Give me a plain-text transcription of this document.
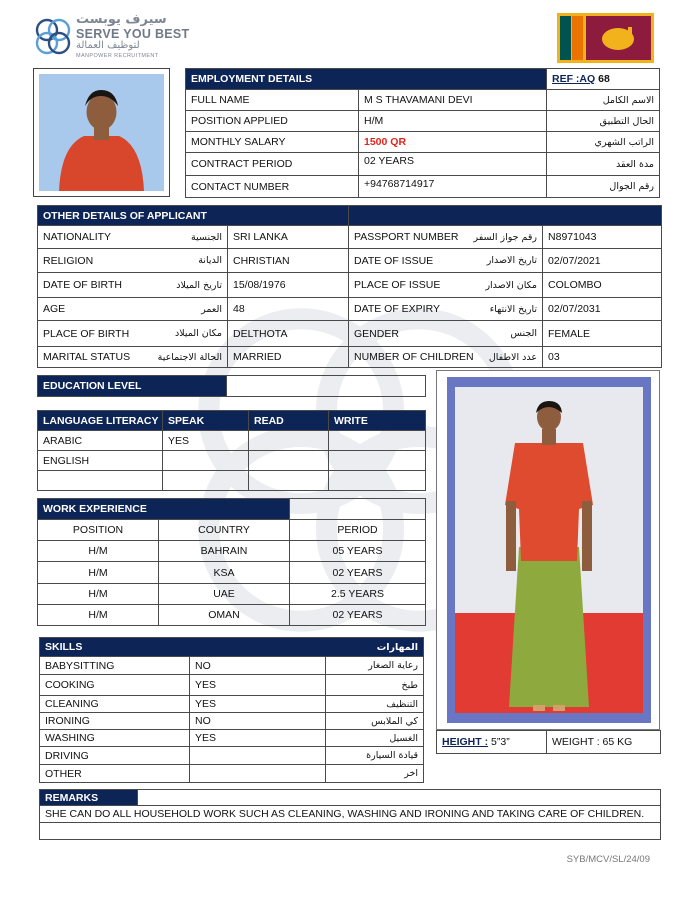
سيرف يوبست
SERVE YOU BEST
لتوظيف العمالة
MANPOWER RECRUITMENT
EMPLOYMENT DETAILS		REF :AQ 68
FULL NAME	M S THAVAMANI DEVI	الاسم الكامل
POSITION APPLIED	H/M	الحال التطبيق
MONTHLY SALARY	1500 QR	الراتب الشهري
CONTRACT PERIOD	02 YEARS	مدة العقد
CONTACT NUMBER	+94768714917	رقم الجوال
OTHER DETAILS OF APPLICANT			

NATIONALITY الجنسية	SRI LANKA	PASSPORT NUMBER رقم جواز السفر	N8971043

RELIGION الديانة	CHRISTIAN	DATE OF ISSUE تاريخ الاصدار	02/07/2021

DATE OF BIRTH تاريخ الميلاد	15/08/1976	PLACE OF ISSUE مكان الاصدار	COLOMBO

AGE العمر	48	DATE OF EXPIRY تاريخ الانتهاء	02/07/2031

PLACE OF BIRTH مكان الميلاد	DELTHOTA	GENDER الجنس	FEMALE

MARITAL STATUS الحالة الاجتماعية	MARRIED	NUMBER OF CHILDREN عدد الاطفال	03
EDUCATION LEVEL	
LANGUAGE LITERACY	SPEAK	READ	WRITE
ARABIC	YES		
ENGLISH			

WORK EXPERIENCE		
POSITION	COUNTRY	PERIOD
H/M	BAHRAIN	05 YEARS
H/M	KSA	02 YEARS
H/M	UAE	2.5 YEARS
H/M	OMAN	02 YEARS
SKILLS		المهارات
BABYSITTING	NO	رعاية الصغار
COOKING	YES	طبخ
CLEANING	YES	التنظيف
IRONING	NO	كي الملابس
WASHING	YES	الغسيل
DRIVING		قيادة السيارة
OTHER		اخر
HEIGHT : 5”3”	WEIGHT : 65 KG
REMARKS	
SHE CAN DO ALL HOUSEHOLD WORK SUCH AS CLEANING, WASHING AND IRONING AND TAKING CARE OF CHILDREN.

SYB/MCV/SL/24/09
